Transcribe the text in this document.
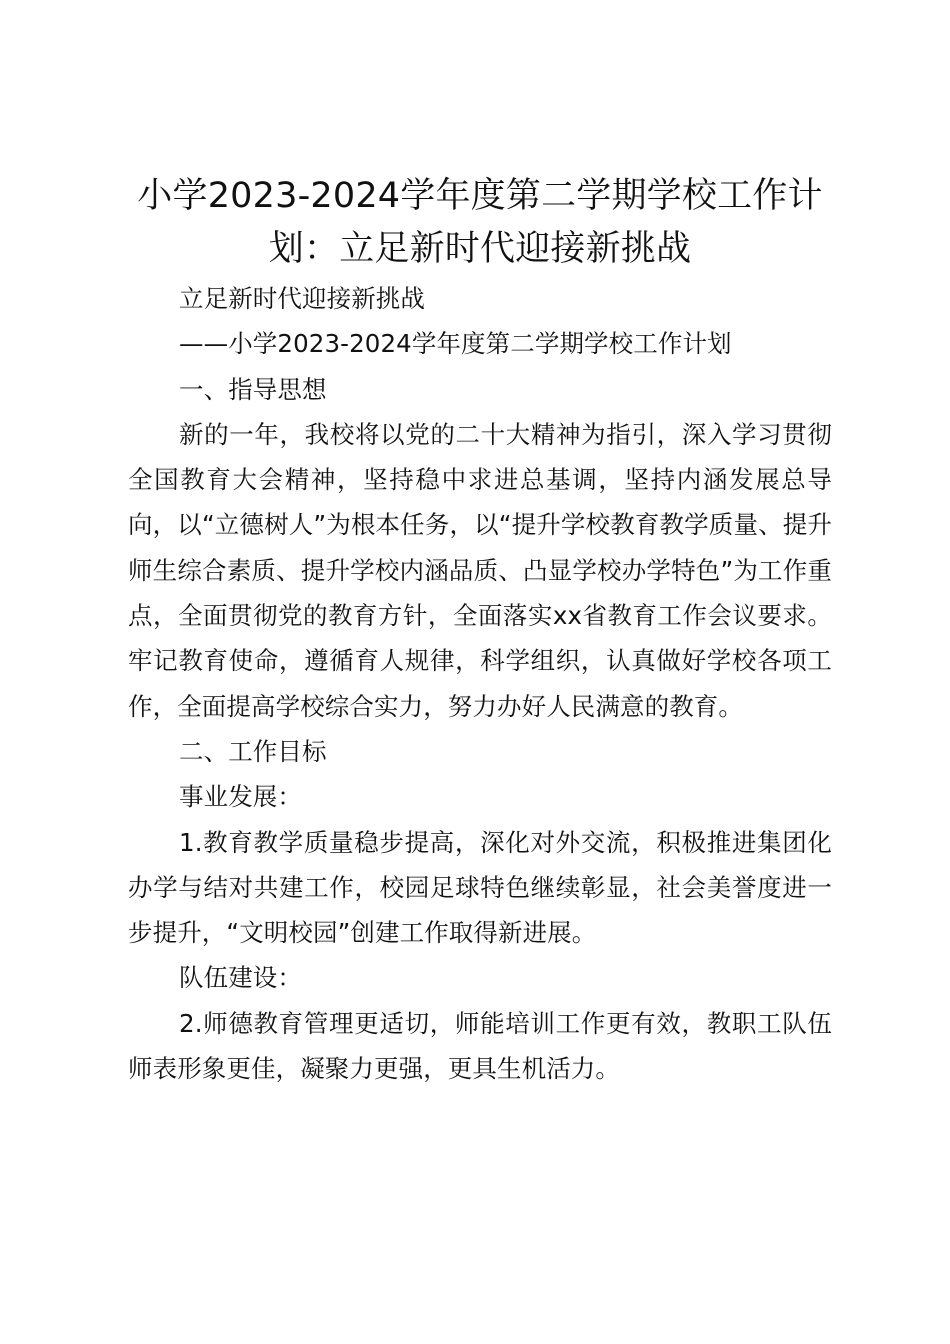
小学2023-2024学年度第二学期学校工作计划：立足新时代迎接新挑战

立足新时代迎接新挑战

——小学2023-2024学年度第二学期学校工作计划

一、指导思想

新的一年，我校将以党的二十大精神为指引，深入学习贯彻全国教育大会精神，坚持稳中求进总基调，坚持内涵发展总导向，以“立德树人”为根本任务，以“提升学校教育教学质量、提升师生综合素质、提升学校内涵品质、凸显学校办学特色”为工作重点，全面贯彻党的教育方针，全面落实xx省教育工作会议要求。牢记教育使命，遵循育人规律，科学组织，认真做好学校各项工作，全面提高学校综合实力，努力办好人民满意的教育。

二、工作目标

事业发展：

1.教育教学质量稳步提高，深化对外交流，积极推进集团化办学与结对共建工作，校园足球特色继续彰显，社会美誉度进一步提升，“文明校园”创建工作取得新进展。

队伍建设：

2.师德教育管理更适切，师能培训工作更有效，教职工队伍师表形象更佳，凝聚力更强，更具生机活力。
